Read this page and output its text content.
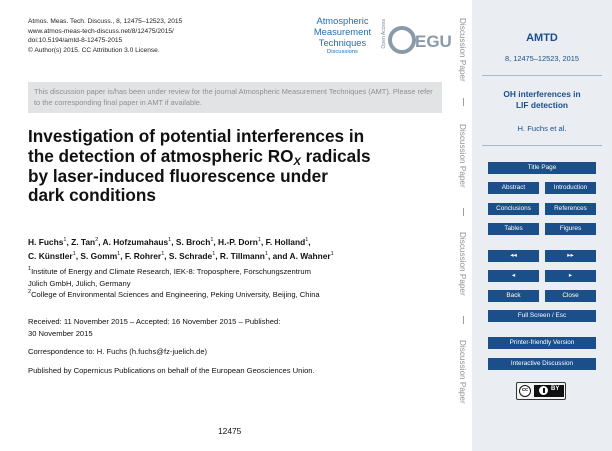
Atmos. Meas. Tech. Discuss., 8, 12475–12523, 2015
www.atmos-meas-tech-discuss.net/8/12475/2015/
doi:10.5194/amtd-8-12475-2015
© Author(s) 2015. CC Attribution 3.0 License.
Atmospheric
Measurement
Techniques
Discussions
Open Access EGU
This discussion paper is/has been under review for the journal Atmospheric Measurement Techniques (AMT). Please refer to the corresponding final paper in AMT if available.
Investigation of potential interferences in
the detection of atmospheric $RO_X$ radicals
by laser-induced fluorescence under
dark conditions
H. Fuchs$^1$, Z. Tan$^2$, A. Hofzumahaus$^1$, S. Broch$^1$, H.-P. Dorn$^1$, F. Holland$^1$,
C. Künstler$^1$, S. Gomm$^1$, F. Rohrer$^1$, S. Schrade$^1$, R. Tillmann$^1$, and A. Wahner$^1$
$^1$Institute of Energy and Climate Research, IEK-8: Troposphere, Forschungszentrum
Jülich GmbH, Jülich, Germany
$^2$College of Environmental Sciences and Engineering, Peking University, Beijing, China
Received: 11 November 2015 – Accepted: 16 November 2015 – Published:
30 November 2015
Correspondence to: H. Fuchs (h.fuchs@fz-juelich.de)
Published by Copernicus Publications on behalf of the European Geosciences Union.
12475
Discussion Paper
Discussion Paper
Discussion Paper
Discussion Paper
AMTD
8, 12475–12523, 2015
OH interferences in
LIF detection
H. Fuchs et al.
Title Page
Abstract	Introduction
Conclusions	References
Tables	Figures
◂◂	▸▸
◂	▸
Back	Close
Full Screen / Esc
Printer-friendly Version
Interactive Discussion
cc	BY
